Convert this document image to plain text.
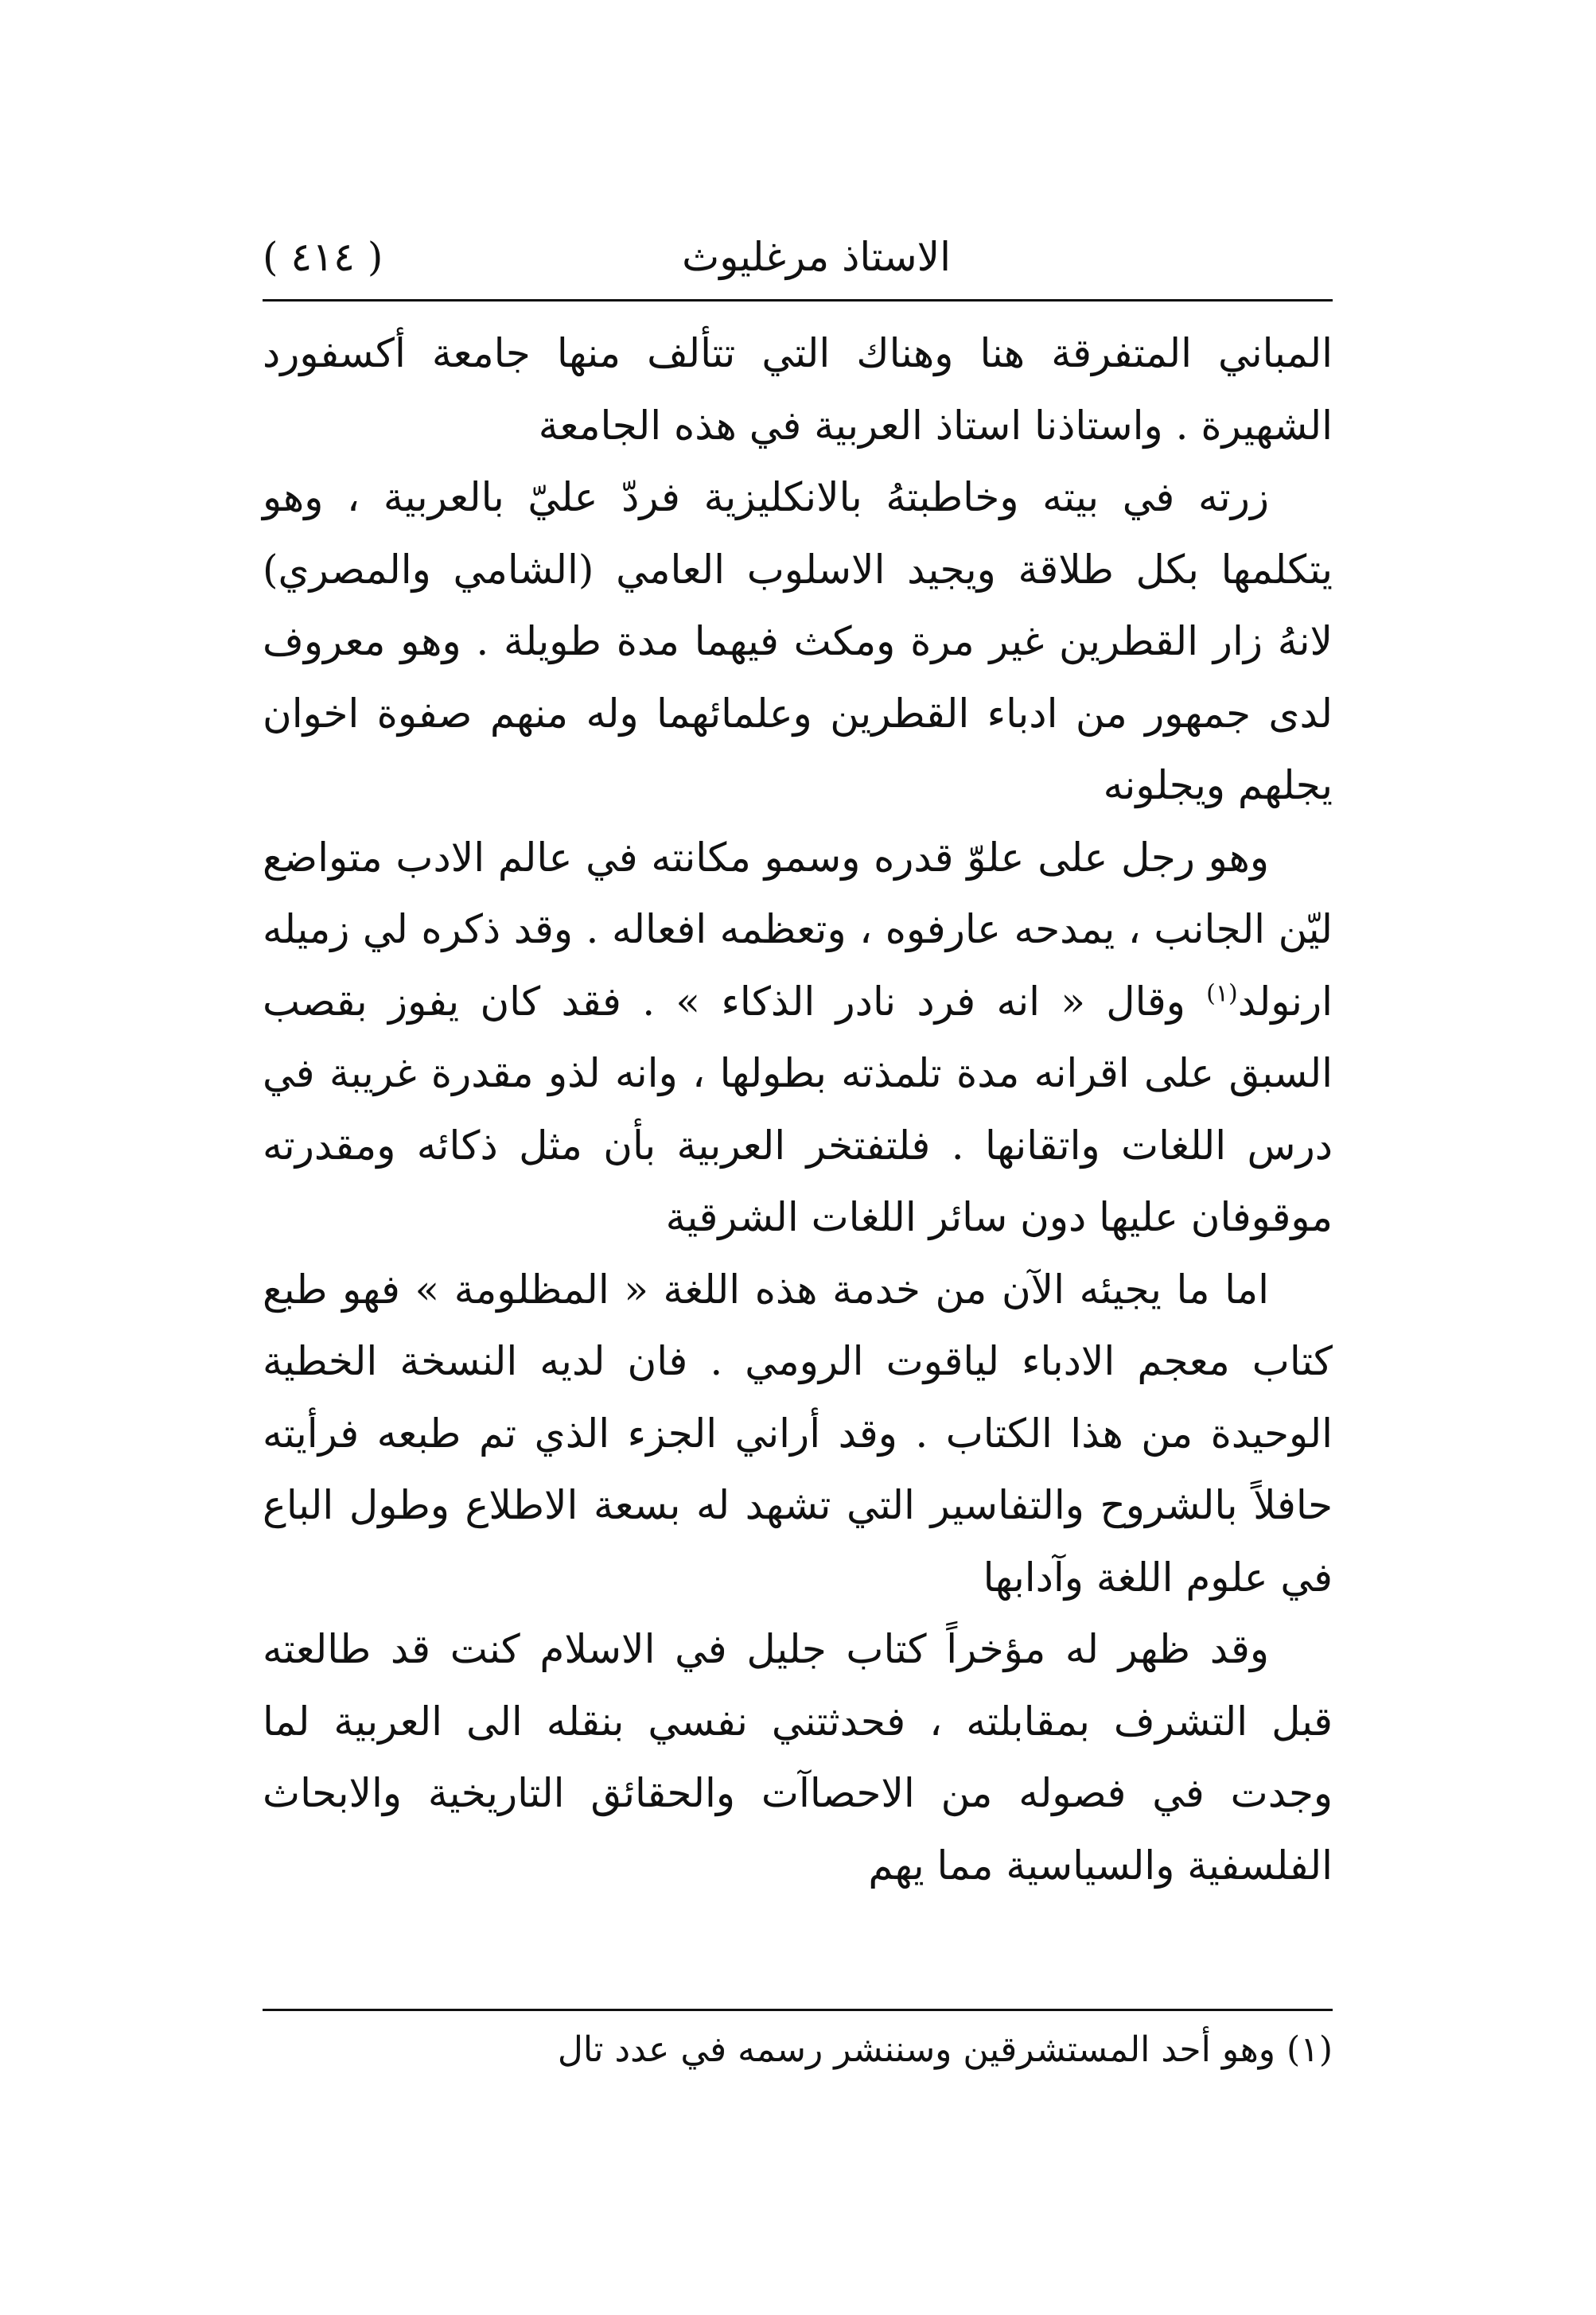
الاستاذ مرغليوث
( ٤١٤ )

المباني المتفرقة هنا وهناك التي تتألف منها جامعة أكسفورد الشهيرة . واستاذنا استاذ العربية في هذه الجامعة

زرته في بيته وخاطبتهُ بالانكليزية فردّ عليّ بالعربية ، وهو يتكلمها بكل طلاقة ويجيد الاسلوب العامي (الشامي والمصري) لانهُ زار القطرين غير مرة ومكث فيهما مدة طويلة . وهو معروف لدى جمهور من ادباء القطرين وعلمائهما وله منهم صفوة اخوان يجلهم ويجلونه

وهو رجل على علوّ قدره وسمو مكانته في عالم الادب متواضع ليّن الجانب ، يمدحه عارفوه ، وتعظمه افعاله . وقد ذكره لي زميله ارنولد$^{(١)}$ وقال « انه فرد نادر الذكاء » . فقد كان يفوز بقصب السبق على اقرانه مدة تلمذته بطولها ، وانه لذو مقدرة غريبة في درس اللغات واتقانها . فلتفتخر العربية بأن مثل ذكائه ومقدرته موقوفان عليها دون سائر اللغات الشرقية

اما ما يجيئه الآن من خدمة هذه اللغة « المظلومة » فهو طبع كتاب معجم الادباء لياقوت الرومي . فان لديه النسخة الخطية الوحيدة من هذا الكتاب . وقد أراني الجزء الذي تم طبعه فرأيته حافلاً بالشروح والتفاسير التي تشهد له بسعة الاطلاع وطول الباع في علوم اللغة وآدابها

وقد ظهر له مؤخراً كتاب جليل في الاسلام كنت قد طالعته قبل التشرف بمقابلته ، فحدثتني نفسي بنقله الى العربية لما وجدت في فصوله من الاحصاآت والحقائق التاريخية والابحاث الفلسفية والسياسية مما يهم

(١) وهو أحد المستشرقين وسننشر رسمه في عدد تال
